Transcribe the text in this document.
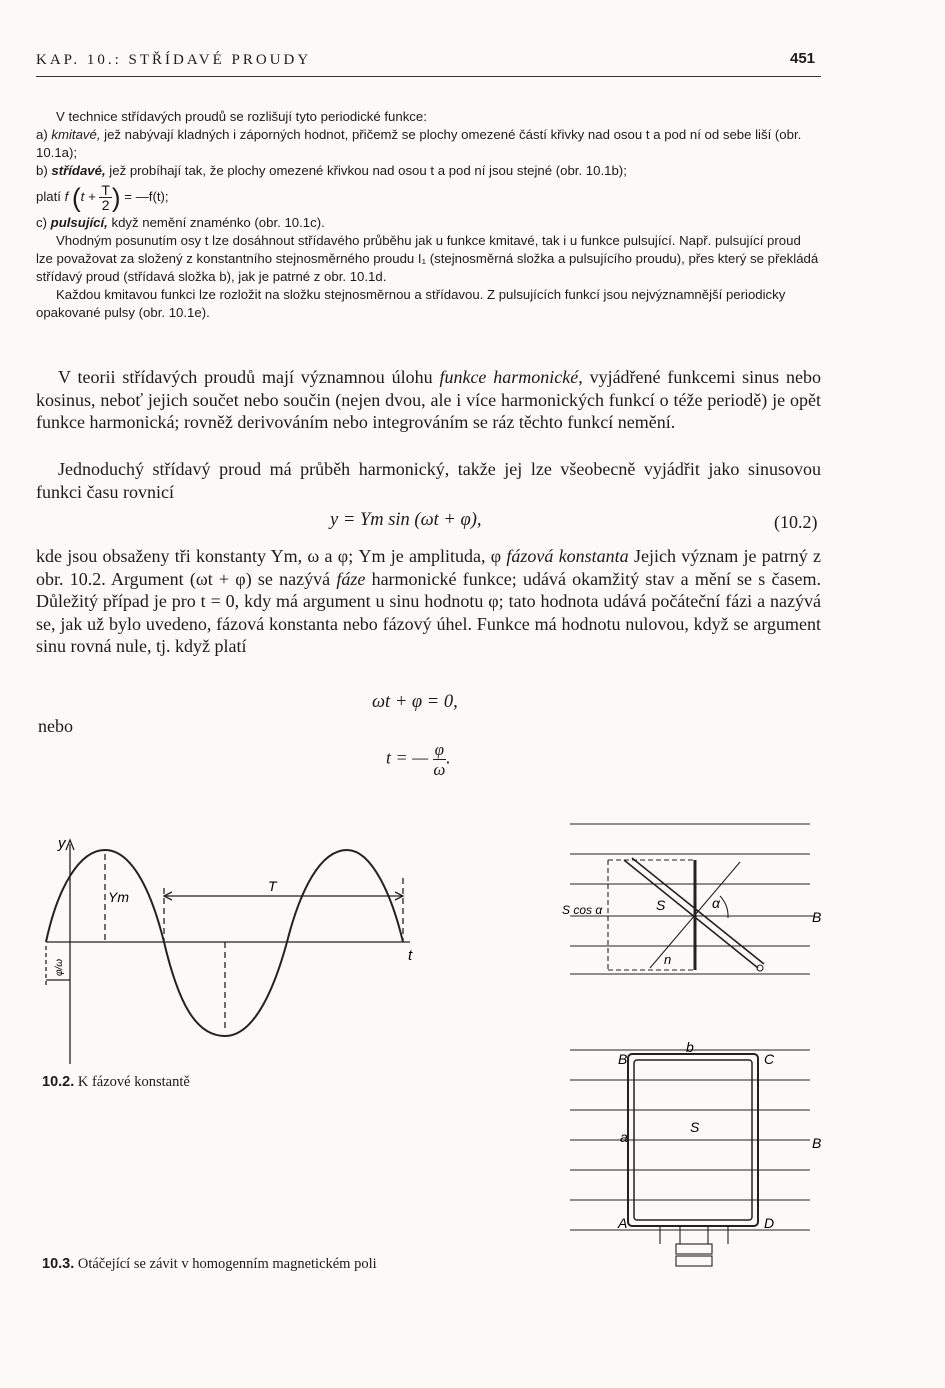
KAP. 10.: STŘÍDAVÉ PROUDY	451

V technice střídavých proudů se rozlišují tyto periodické funkce:

a) kmitavé, jež nabývají kladných i záporných hodnot, přičemž se plochy omezené částí křivky nad osou t a pod ní od sebe liší (obr. 10.1a);

b) střídavé, jež probíhají tak, že plochy omezené křivkou nad osou t a pod ní jsou stejné (obr. 10.1b);

platí f ($t + \frac{T}{2}$ ) = —f(t);

c) pulsující, když nemění znaménko (obr. 10.1c).

Vhodným posunutím osy t lze dosáhnout střídavého průběhu jak u funkce kmitavé, tak i u funkce pulsující. Např. pulsující proud lze považovat za složený z konstantního stejnosměrného proudu I₁ (stejnosměrná složka a pulsujícího proudu), přes který se překládá střídavý proud (střídavá složka b), jak je patrné z obr. 10.1d.

Každou kmitavou funkci lze rozložit na složku stejnosměrnou a střídavou. Z pulsujících funkcí jsou nejvýznamnější periodicky opakované pulsy (obr. 10.1e).

V teorii střídavých proudů mají významnou úlohu funkce harmonické, vyjádřené funkcemi sinus nebo kosinus, neboť jejich součet nebo součin (nejen dvou, ale i více harmonických funkcí o téže periodě) je opět funkce harmonická; rovněž derivováním nebo integrováním se ráz těchto funkcí nemění.

Jednoduchý střídavý proud má průběh harmonický, takže jej lze všeobecně vyjádřit jako sinusovou funkci času rovnicí

y = Ym sin (ωt + φ),	(10.2)

kde jsou obsaženy tři konstanty Ym, ω a φ; Ym je amplituda, φ fázová konstanta Jejich význam je patrný z obr. 10.2. Argument (ωt + φ) se nazývá fáze harmonické funkce; udává okamžitý stav a mění se s časem. Důležitý případ je pro t = 0, kdy má argument u sinu hodnotu φ; tato hodnota udává počáteční fázi a nazývá se, jak už bylo uvedeno, fázová konstanta nebo fázový úhel. Funkce má hodnotu nulovou, když se argument sinu rovná nule, tj. když platí

ωt + φ = 0,
nebo
t = — $\frac{\varphi}{\omega}$ .
y
Ym
T
t
φ/ω
10.2. K fázové konstantě
S cos α	S	α
B
n
b
B	C
S
a	B
A	D
10.3. Otáčející se závit v homogenním magnetickém poli
